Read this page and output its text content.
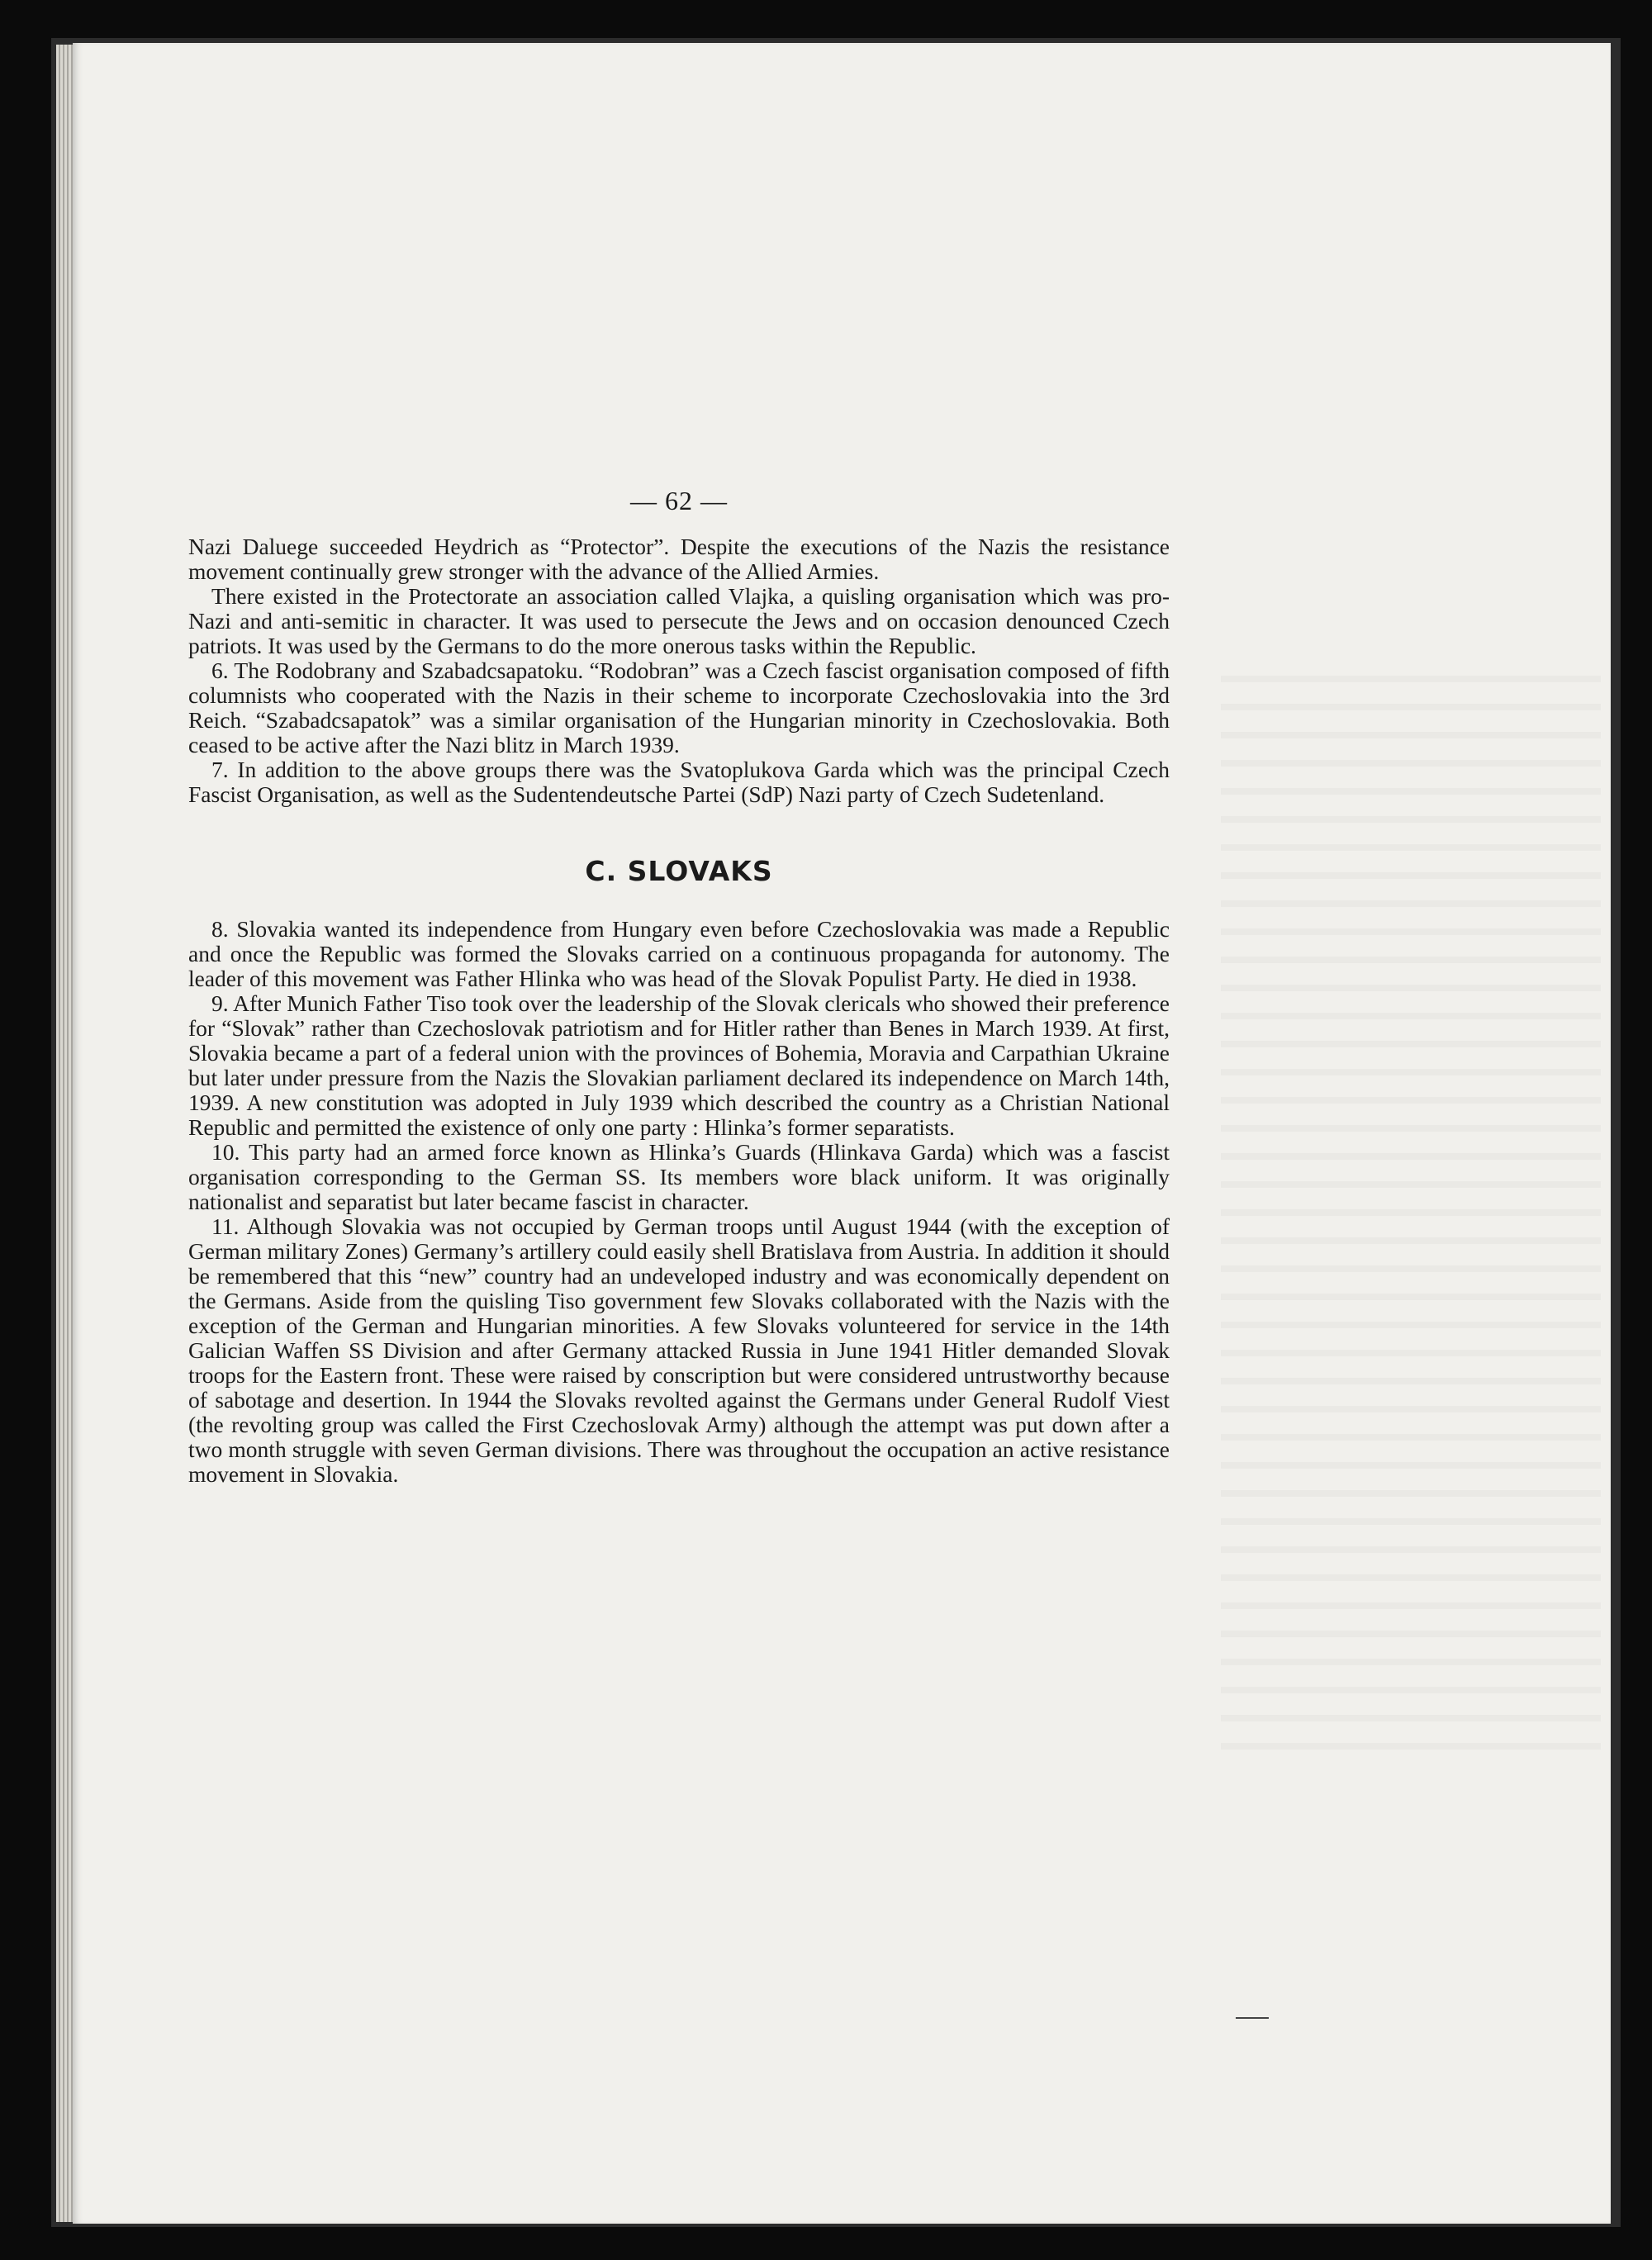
— 62 —

Nazi Daluege succeeded Heydrich as “Protector”. Despite the executions of the Nazis the resistance movement continually grew stronger with the advance of the Allied Armies.

There existed in the Protectorate an association called Vlajka, a quisling organisation which was pro-Nazi and anti-semitic in character. It was used to persecute the Jews and on occasion denounced Czech patriots. It was used by the Germans to do the more onerous tasks within the Republic.

6. The Rodobrany and Szabadcsapatoku. “Rodobran” was a Czech fascist organisation composed of fifth columnists who cooperated with the Nazis in their scheme to incorporate Czechoslovakia into the 3rd Reich. “Szabadcsapatok” was a similar organisation of the Hungarian minority in Czechoslovakia. Both ceased to be active after the Nazi blitz in March 1939.

7. In addition to the above groups there was the Svatoplukova Garda which was the principal Czech Fascist Organisation, as well as the Sudentendeutsche Partei (SdP) Nazi party of Czech Sudetenland.

C. SLOVAKS

8. Slovakia wanted its independence from Hungary even before Czechoslovakia was made a Republic and once the Republic was formed the Slovaks carried on a continuous propaganda for autonomy. The leader of this movement was Father Hlinka who was head of the Slovak Populist Party. He died in 1938.

9. After Munich Father Tiso took over the leadership of the Slovak clericals who showed their preference for “Slovak” rather than Czechoslovak patriotism and for Hitler rather than Benes in March 1939. At first, Slovakia became a part of a federal union with the provinces of Bohemia, Moravia and Carpathian Ukraine but later under pressure from the Nazis the Slovakian parliament declared its independence on March 14th, 1939. A new constitution was adopted in July 1939 which described the country as a Christian National Republic and permitted the existence of only one party : Hlinka’s former separatists.

10. This party had an armed force known as Hlinka’s Guards (Hlinkava Garda) which was a fascist organisation corresponding to the German SS. Its members wore black uniform. It was originally nationalist and separatist but later became fascist in character.

11. Although Slovakia was not occupied by German troops until August 1944 (with the exception of German military Zones) Germany’s artillery could easily shell Bratislava from Austria. In addition it should be remembered that this “new” country had an undeveloped industry and was economically dependent on the Germans. Aside from the quisling Tiso government few Slovaks collaborated with the Nazis with the exception of the German and Hungarian minorities. A few Slovaks volunteered for service in the 14th Galician Waffen SS Division and after Germany attacked Russia in June 1941 Hitler demanded Slovak troops for the Eastern front. These were raised by conscription but were considered untrustworthy because of sabotage and desertion. In 1944 the Slovaks revolted against the Germans under General Rudolf Viest (the revolting group was called the First Czechoslovak Army) although the attempt was put down after a two month struggle with seven German divisions. There was throughout the occupation an active resistance movement in Slovakia.
